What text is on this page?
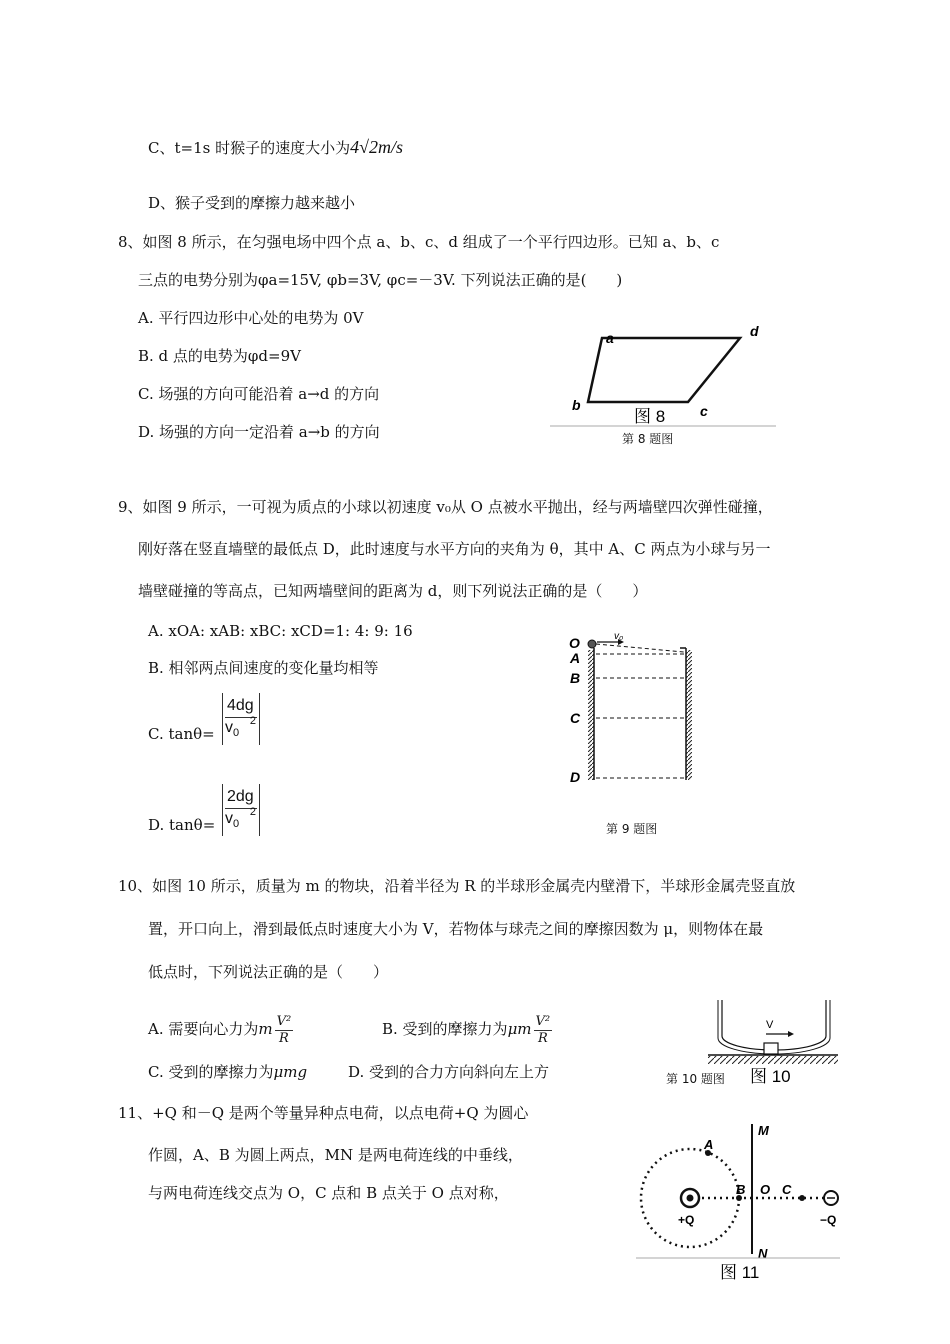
C、t=1s 时猴子的速度大小为4√2m/s
D、猴子受到的摩擦力越来越小
8、如图 8 所示，在匀强电场中四个点 a、b、c、d 组成了一个平行四边形。已知 a、b、c
三点的电势分别为φa=15V, φb=3V, φc=－3V. 下列说法正确的是(　　)
A. 平行四边形中心处的电势为 0V
B. d 点的电势为φd=9V
C. 场强的方向可能沿着 a→d 的方向
D. 场强的方向一定沿着 a→b 的方向
a	d
b	c
图 8
第 8 题图
9、如图 9 所示，一可视为质点的小球以初速度 v₀从 O 点被水平抛出，经与两墙壁四次弹性碰撞，
刚好落在竖直墙壁的最低点 D，此时速度与水平方向的夹角为 θ，其中 A、C 两点为小球与另一
墙壁碰撞的等高点，已知两墙壁间的距离为 d，则下列说法正确的是（　　）
A. xOA: xAB: xBC: xCD=1: 4: 9: 16
B. 相邻两点间速度的变化量均相等
C. tanθ=
4dg
$v_0$
2
D. tanθ=
2dg
$v_0$
2
v₀
O
A
B
C
D
第 9 题图
10、如图 10 所示，质量为 m 的物块，沿着半径为 R 的半球形金属壳内壁滑下，半球形金属壳竖直放
置，开口向上，滑到最低点时速度大小为 V，若物体与球壳之间的摩擦因数为 μ，则物体在最
低点时，下列说法正确的是（　　）
A. 需要向心力为m $\frac{\text{V²}}{R}$	B. 受到的摩擦力为μm $\frac{\text{V²}}{R}$
C. 受到的摩擦力为μmg	D. 受到的合力方向斜向左上方
V
图 10
第 10 题图
11、+Q 和－Q 是两个等量异种点电荷，以点电荷+Q 为圆心
作圆，A、B 为圆上两点，MN 是两电荷连线的中垂线，
与两电荷连线交点为 O，C 点和 B 点关于 O 点对称，
A
B O C
M
N
+Q	−Q
图 11
